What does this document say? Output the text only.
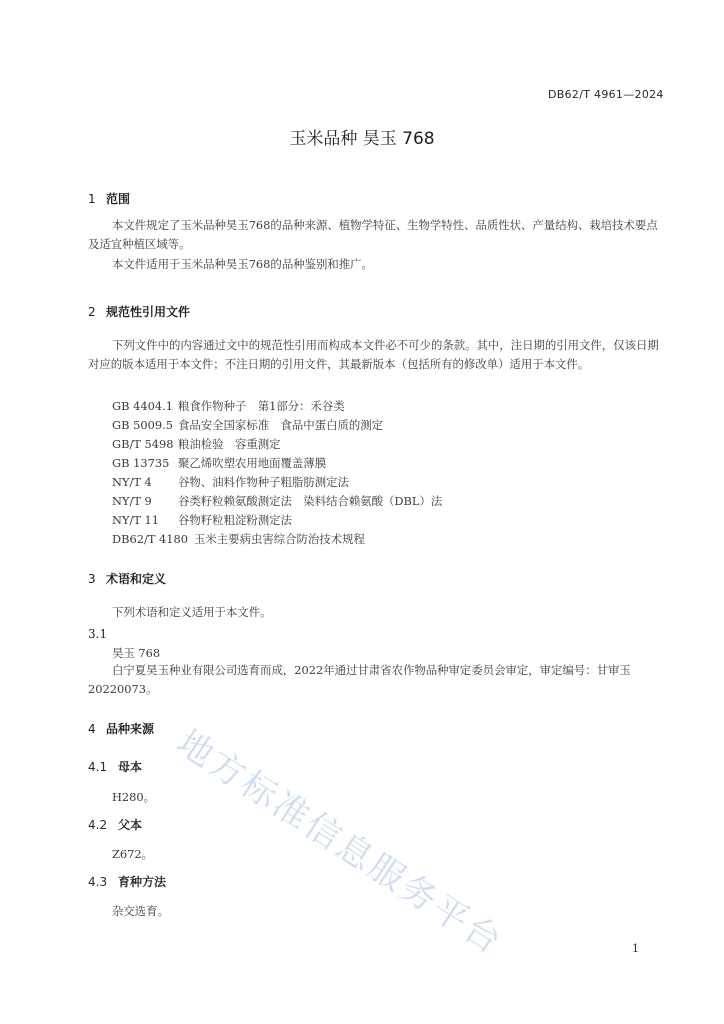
DB62/T 4961—2024
玉米品种 昊玉 768
1 范围
本文件规定了玉米品种昊玉768的品种来源、植物学特征、生物学特性、品质性状、产量结构、栽培技术要点及适宜种植区域等。
本文件适用于玉米品种昊玉768的品种鉴别和推广。
2 规范性引用文件
下列文件中的内容通过文中的规范性引用而构成本文件必不可少的条款。其中，注日期的引用文件，仅该日期对应的版本适用于本文件；不注日期的引用文件，其最新版本（包括所有的修改单）适用于本文件。
GB 4404.1 粮食作物种子　第1部分：禾谷类
GB 5009.5 食品安全国家标准　食品中蛋白质的测定
GB/T 5498 粮油检验　容重测定
GB 13735 聚乙烯吹塑农用地面覆盖薄膜
NY/T 4 谷物、油料作物种子粗脂肪测定法
NY/T 9 谷类籽粒赖氨酸测定法　染料结合赖氨酸（DBL）法
NY/T 11 谷物籽粒粗淀粉测定法
DB62/T 4180 玉米主要病虫害综合防治技术规程
3 术语和定义
下列术语和定义适用于本文件。
3.1
昊玉 768
白宁夏昊玉种业有限公司选育而成，2022年通过甘肃省农作物品种审定委员会审定，审定编号：甘审玉20220073。
4 品种来源
4.1 母本
H280。
4.2 父本
Z672。
4.3 育种方法
杂交选育。 地方标准信息服务平台	1
